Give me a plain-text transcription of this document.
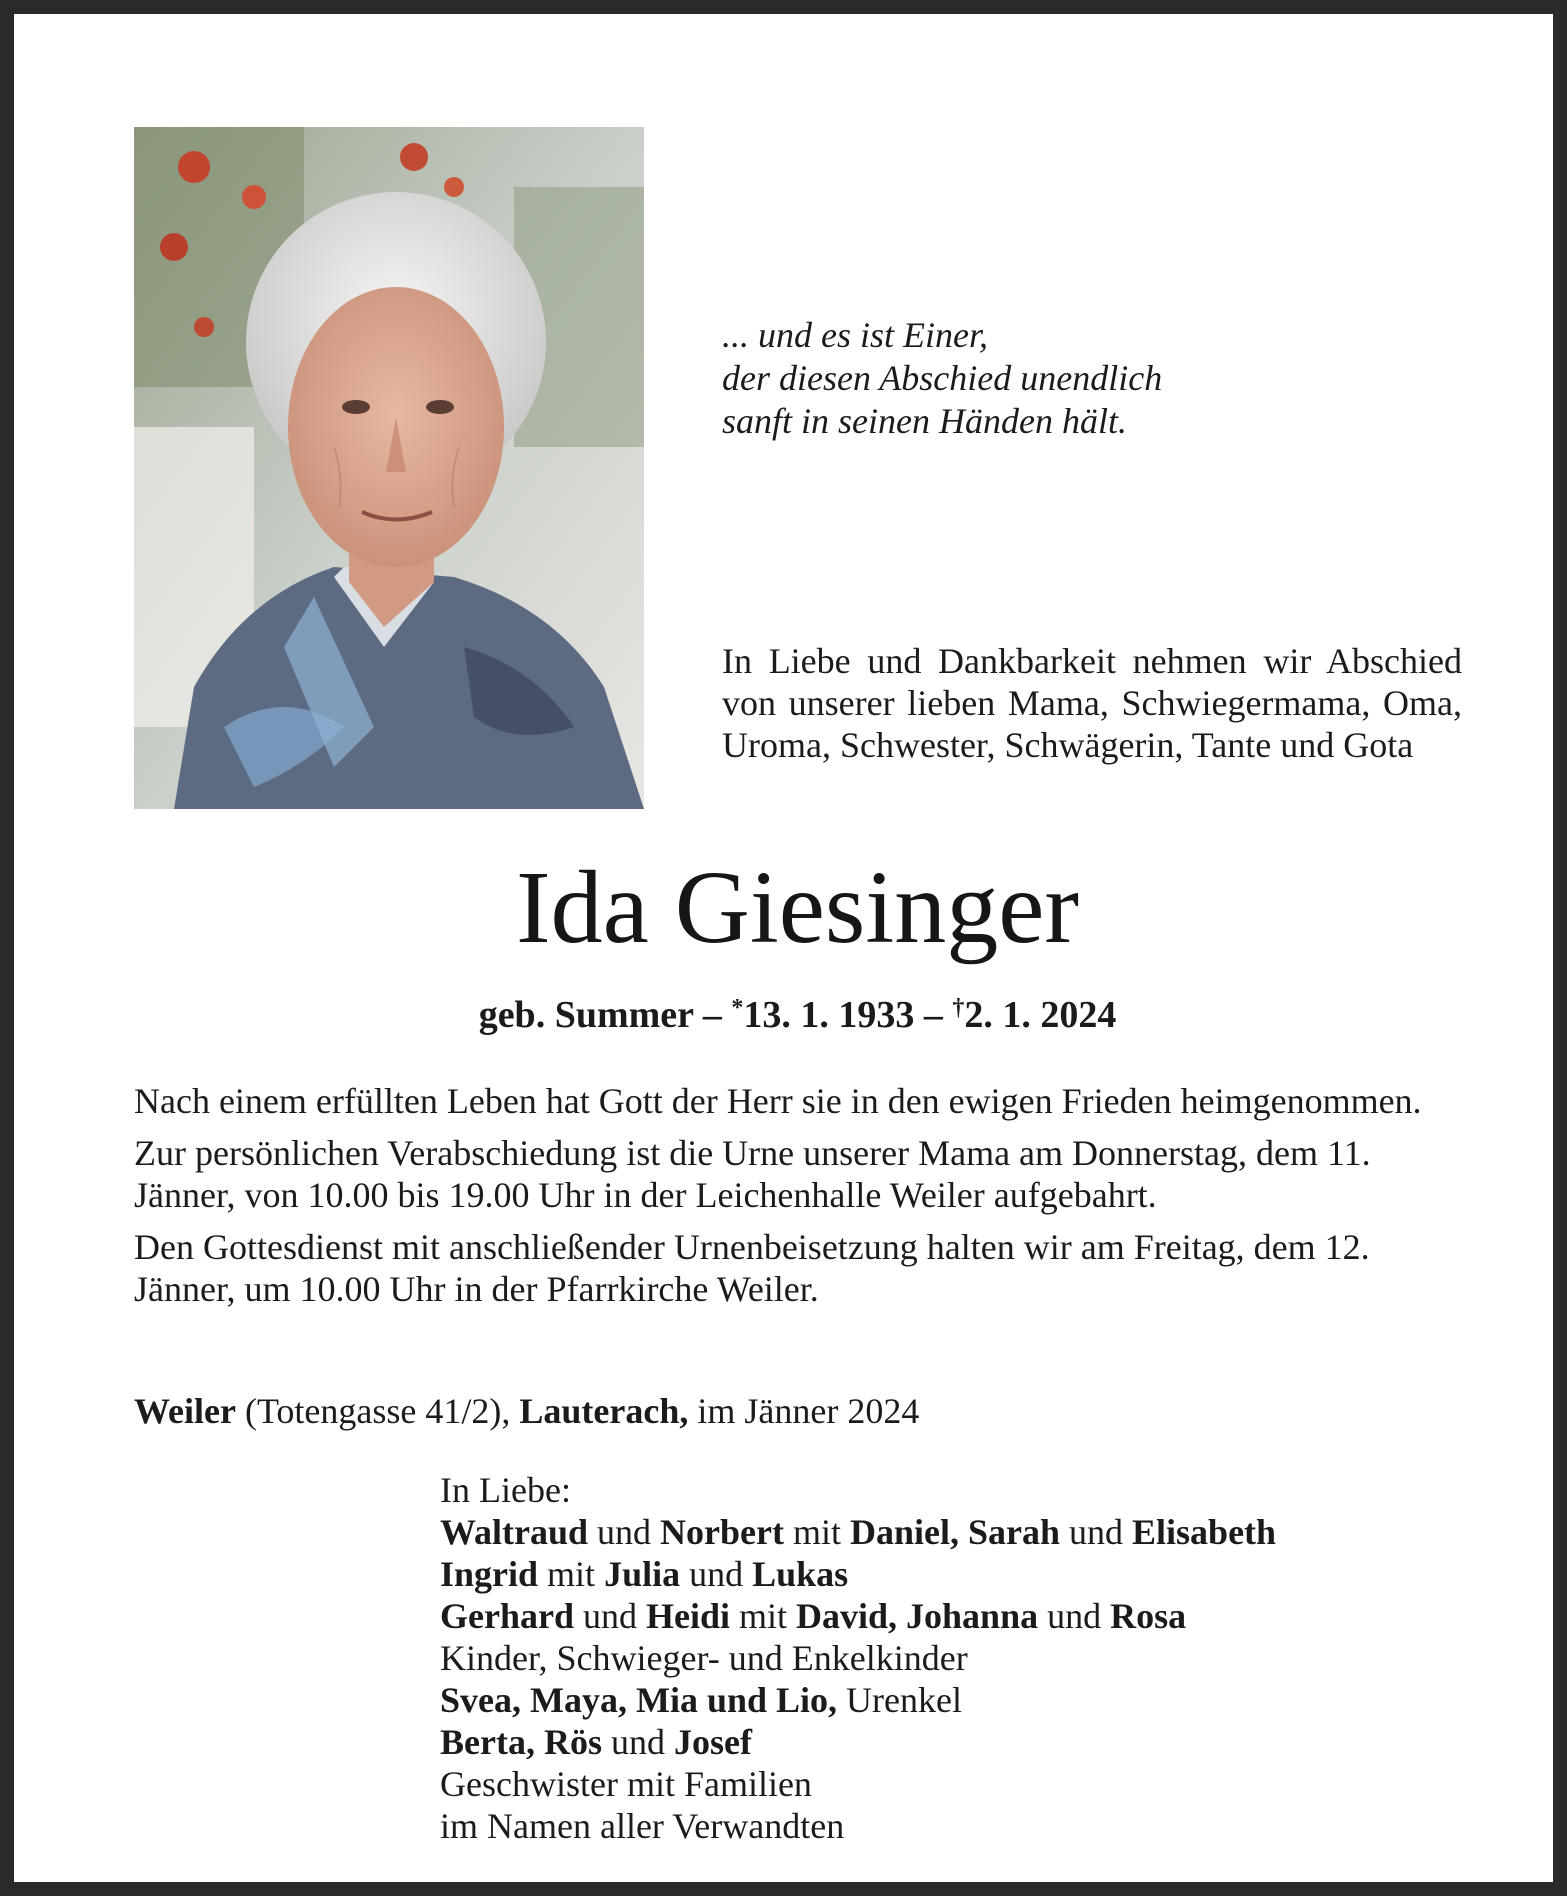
... und es ist Einer,
der diesen Abschied unendlich
sanft in seinen Händen hält.
In Liebe und Dankbarkeit nehmen wir Abschied von unserer lieben Mama, Schwiegermama, Oma, Uroma, Schwester, Schwägerin, Tante und Gota
Ida Giesinger
geb. Summer – *13. 1. 1933 – †2. 1. 2024

Nach einem erfüllten Leben hat Gott der Herr sie in den ewigen Frieden heimgenommen.

Zur persönlichen Verabschiedung ist die Urne unserer Mama am Donnerstag, dem 11. Jänner, von 10.00 bis 19.00 Uhr in der Leichenhalle Weiler aufgebahrt.

Den Gottesdienst mit anschließender Urnenbeisetzung halten wir am Freitag, dem 12. Jänner, um 10.00 Uhr in der Pfarrkirche Weiler.

Weiler (Totengasse 41/2), Lauterach, im Jänner 2024
In Liebe:
Waltraud und Norbert mit Daniel, Sarah und Elisabeth
Ingrid mit Julia und Lukas
Gerhard und Heidi mit David, Johanna und Rosa
Kinder, Schwieger- und Enkelkinder
Svea, Maya, Mia und Lio, Urenkel
Berta, Rös und Josef
Geschwister mit Familien
im Namen aller Verwandten
